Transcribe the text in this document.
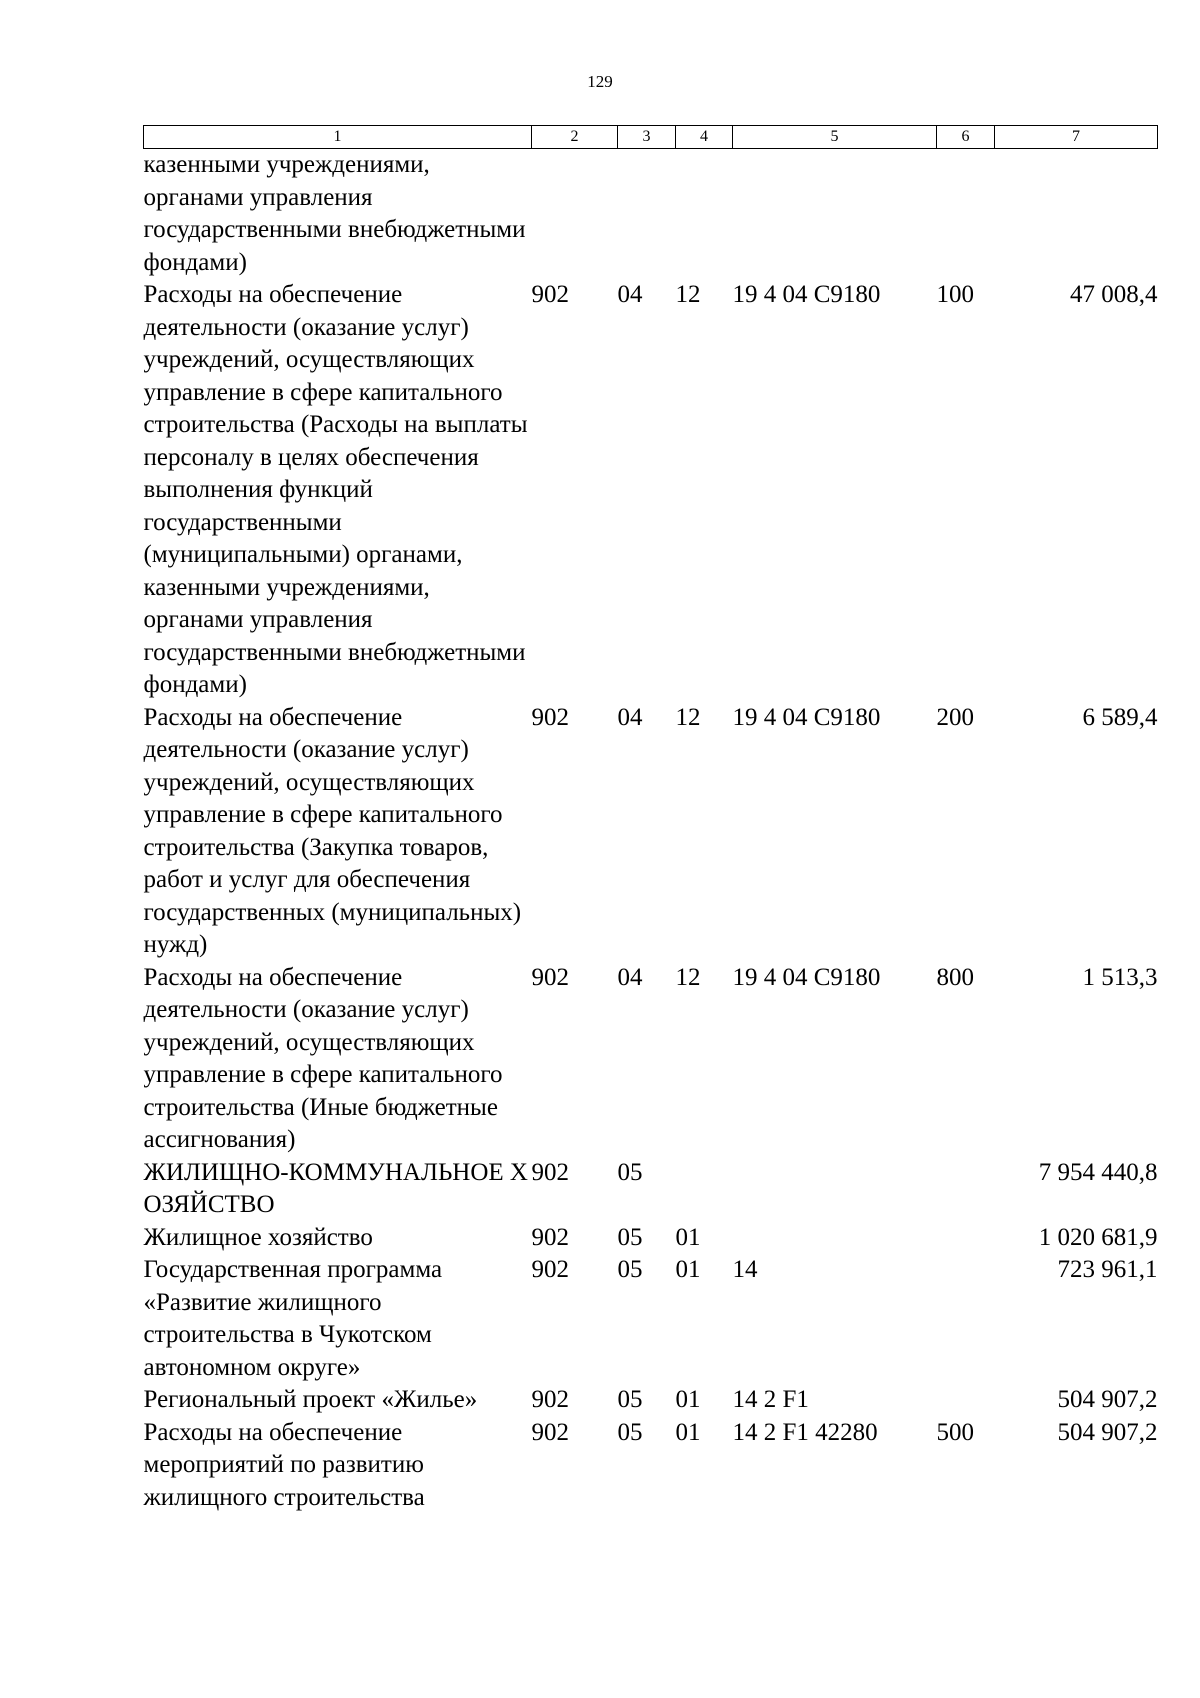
129
1	2	3	4	5	6	7
казенными учреждениями, органами управления государственными внебюджетными фондами)						
Расходы на обеспечение деятельности (оказание услуг) учреждений, осуществляющих управление в сфере капитального строительства (Расходы на выплаты персоналу в целях обеспечения выполнения функций государственными (муниципальными) органами, казенными учреждениями, органами управления государственными внебюджетными фондами)	902	04	12	19 4 04 С9180	100	47 008,4
Расходы на обеспечение деятельности (оказание услуг) учреждений, осуществляющих управление в сфере капитального строительства (Закупка товаров, работ и услуг для обеспечения государственных (муниципальных) нужд)	902	04	12	19 4 04 С9180	200	6 589,4
Расходы на обеспечение деятельности (оказание услуг) учреждений, осуществляющих управление в сфере капитального строительства (Иные бюджетные ассигнования)	902	04	12	19 4 04 С9180	800	1 513,3
ЖИЛИЩНО-КОММУНАЛЬНОЕ ХОЗЯЙСТВО	902	05				7 954 440,8
Жилищное хозяйство	902	05	01			1 020 681,9
Государственная программа «Развитие жилищного строительства в Чукотском автономном округе»	902	05	01	14		723 961,1
Региональный проект «Жилье»	902	05	01	14 2 F1		504 907,2
Расходы на обеспечение мероприятий по развитию жилищного строительства	902	05	01	14 2 F1 42280	500	504 907,2
